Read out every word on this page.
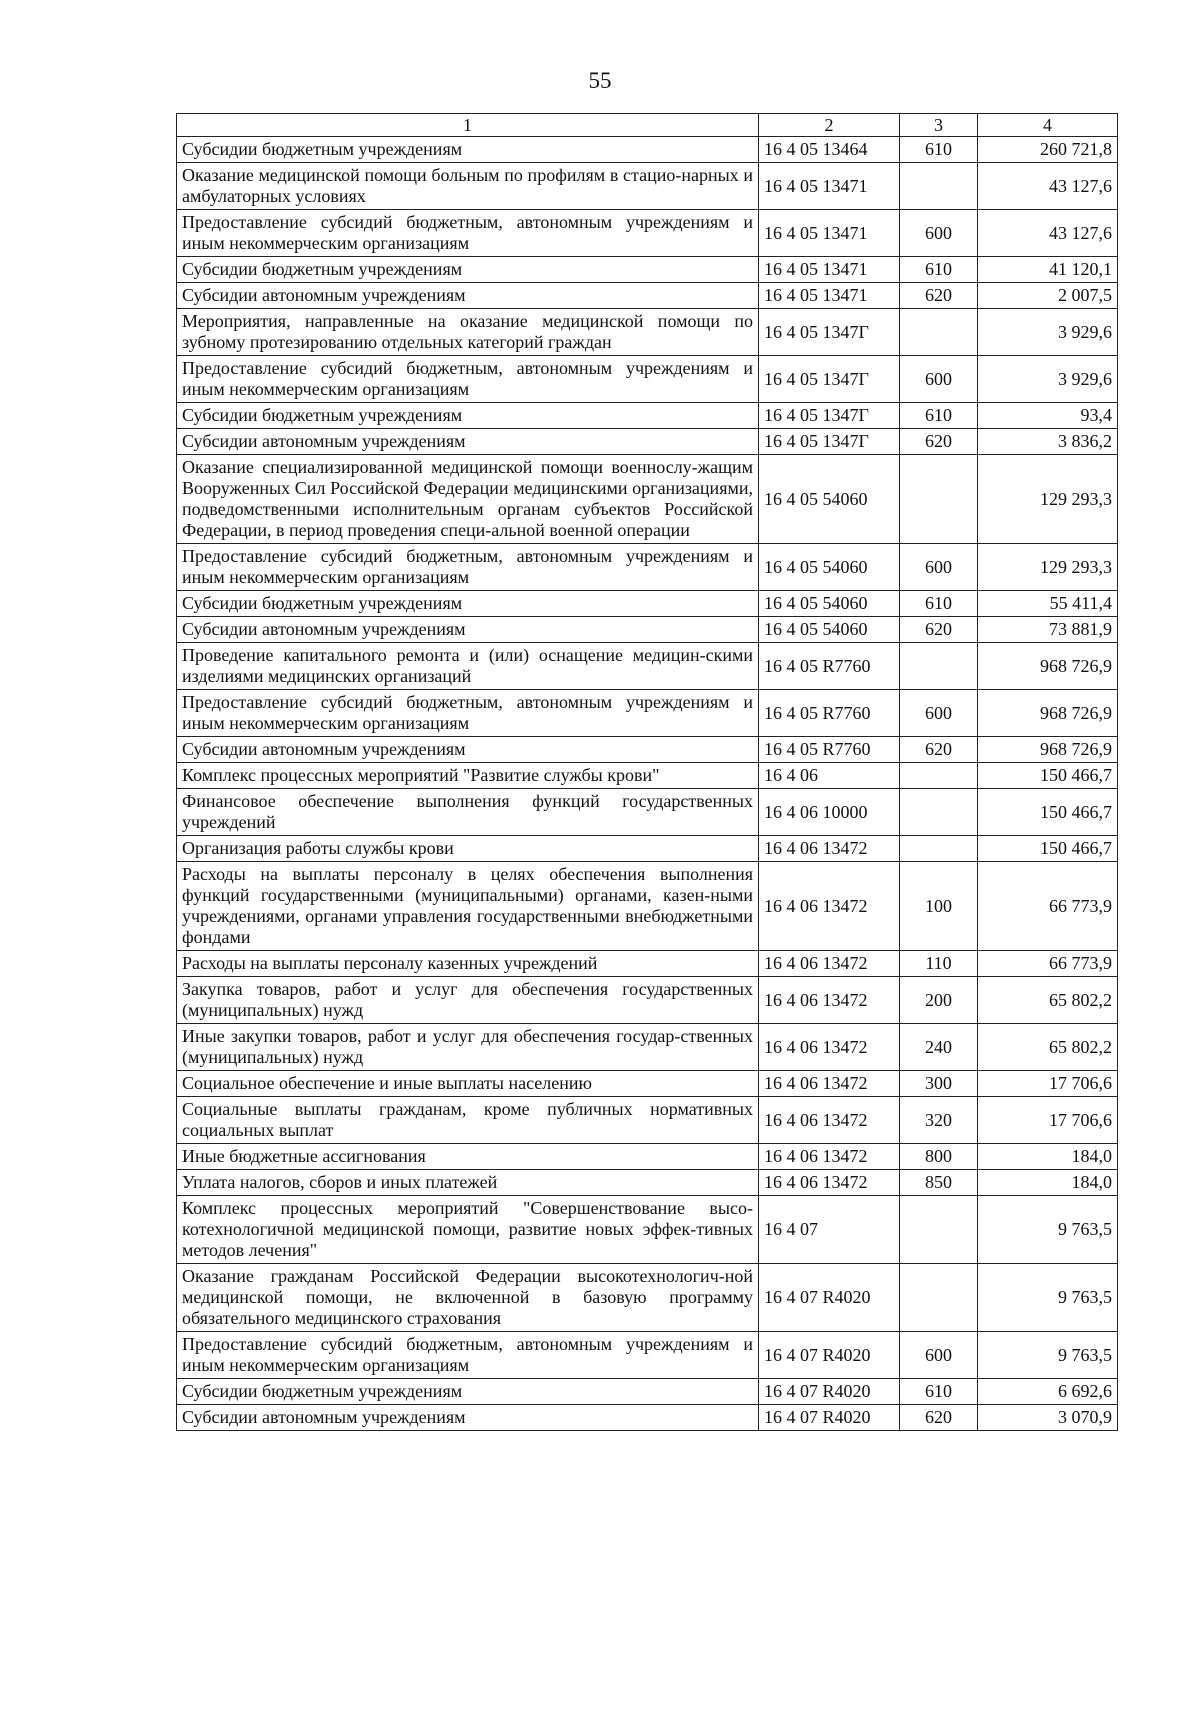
55
1	2	3	4
Субсидии бюджетным учреждениям	16 4 05 13464	610	260 721,8
Оказание медицинской помощи больным по профилям в стацио-нарных и амбулаторных условиях	16 4 05 13471		43 127,6
Предоставление субсидий бюджетным, автономным учреждениям и иным некоммерческим организациям	16 4 05 13471	600	43 127,6
Субсидии бюджетным учреждениям	16 4 05 13471	610	41 120,1
Субсидии автономным учреждениям	16 4 05 13471	620	2 007,5
Мероприятия, направленные на оказание медицинской помощи по зубному протезированию отдельных категорий граждан	16 4 05 1347Г		3 929,6
Предоставление субсидий бюджетным, автономным учреждениям и иным некоммерческим организациям	16 4 05 1347Г	600	3 929,6
Субсидии бюджетным учреждениям	16 4 05 1347Г	610	93,4
Субсидии автономным учреждениям	16 4 05 1347Г	620	3 836,2
Оказание специализированной медицинской помощи военнослу-жащим Вооруженных Сил Российской Федерации медицинскими организациями, подведомственными исполнительным органам субъектов Российской Федерации, в период проведения специ-альной военной операции	16 4 05 54060		129 293,3
Предоставление субсидий бюджетным, автономным учреждениям и иным некоммерческим организациям	16 4 05 54060	600	129 293,3
Субсидии бюджетным учреждениям	16 4 05 54060	610	55 411,4
Субсидии автономным учреждениям	16 4 05 54060	620	73 881,9
Проведение капитального ремонта и (или) оснащение медицин-скими изделиями медицинских организаций	16 4 05 R7760		968 726,9
Предоставление субсидий бюджетным, автономным учреждениям и иным некоммерческим организациям	16 4 05 R7760	600	968 726,9
Субсидии автономным учреждениям	16 4 05 R7760	620	968 726,9
Комплекс процессных мероприятий "Развитие службы крови"	16 4 06		150 466,7
Финансовое обеспечение выполнения функций государственных учреждений	16 4 06 10000		150 466,7
Организация работы службы крови	16 4 06 13472		150 466,7
Расходы на выплаты персоналу в целях обеспечения выполнения функций государственными (муниципальными) органами, казен-ными учреждениями, органами управления государственными внебюджетными фондами	16 4 06 13472	100	66 773,9
Расходы на выплаты персоналу казенных учреждений	16 4 06 13472	110	66 773,9
Закупка товаров, работ и услуг для обеспечения государственных (муниципальных) нужд	16 4 06 13472	200	65 802,2
Иные закупки товаров, работ и услуг для обеспечения государ-ственных (муниципальных) нужд	16 4 06 13472	240	65 802,2
Социальное обеспечение и иные выплаты населению	16 4 06 13472	300	17 706,6
Социальные выплаты гражданам, кроме публичных нормативных социальных выплат	16 4 06 13472	320	17 706,6
Иные бюджетные ассигнования	16 4 06 13472	800	184,0
Уплата налогов, сборов и иных платежей	16 4 06 13472	850	184,0
Комплекс процессных мероприятий "Совершенствование высо-котехнологичной медицинской помощи, развитие новых эффек-тивных методов лечения"	16 4 07		9 763,5
Оказание гражданам Российской Федерации высокотехнологич-ной медицинской помощи, не включенной в базовую программу обязательного медицинского страхования	16 4 07 R4020		9 763,5
Предоставление субсидий бюджетным, автономным учреждениям и иным некоммерческим организациям	16 4 07 R4020	600	9 763,5
Субсидии бюджетным учреждениям	16 4 07 R4020	610	6 692,6
Субсидии автономным учреждениям	16 4 07 R4020	620	3 070,9
